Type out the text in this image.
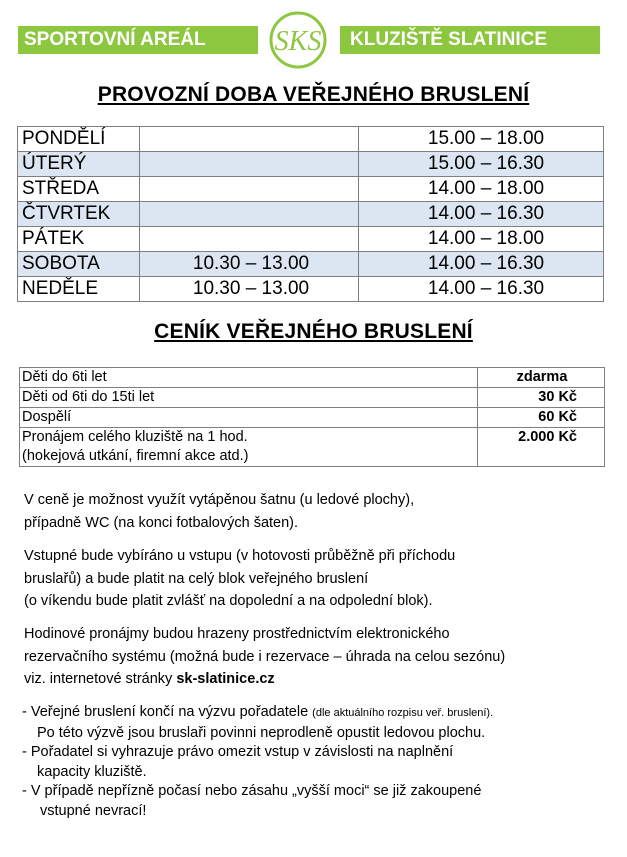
SPORTOVNÍ AREÁL	SKS	KLUZIŠTĚ SLATINICE
PROVOZNÍ DOBA VEŘEJNÉHO BRUSLENÍ
PONDĚLÍ		15.00 – 18.00
ÚTERÝ		15.00 – 16.30
STŘEDA		14.00 – 18.00
ČTVRTEK		14.00 – 16.30
PÁTEK		14.00 – 18.00
SOBOTA	10.30 – 13.00	14.00 – 16.30
NEDĚLE	10.30 – 13.00	14.00 – 16.30
CENÍK VEŘEJNÉHO BRUSLENÍ
Děti do 6ti let	zdarma
Děti od 6ti do 15ti let	30 Kč
Dospělí	60 Kč

Pronájem celého kluziště na 1 hod.
(hokejová utkání, firemní akce atd.)	2.000 Kč

V ceně je možnost využít vytápěnou šatnu (u ledové plochy),
případně WC (na konci fotbalových šaten).

Vstupné bude vybíráno u vstupu (v hotovosti průběžně při příchodu
bruslařů) a bude platit na celý blok veřejného bruslení
(o víkendu bude platit zvlášť na dopolední a na odpolední blok).

Hodinové pronájmy budou hrazeny prostřednictvím elektronického
rezervačního systému (možná bude i rezervace – úhrada na celou sezónu)
viz. internetové stránky sk-slatinice.cz

- Veřejné bruslení končí na výzvu pořadatele (dle aktuálního rozpisu veř. bruslení).
Po této výzvě jsou bruslaři povinni neprodleně opustit ledovou plochu.
- Pořadatel si vyhrazuje právo omezit vstup v závislosti na naplnění
kapacity kluziště.
- V případě nepřízně počasí nebo zásahu „vyšší moci“ se již zakoupené
vstupné nevrací!
